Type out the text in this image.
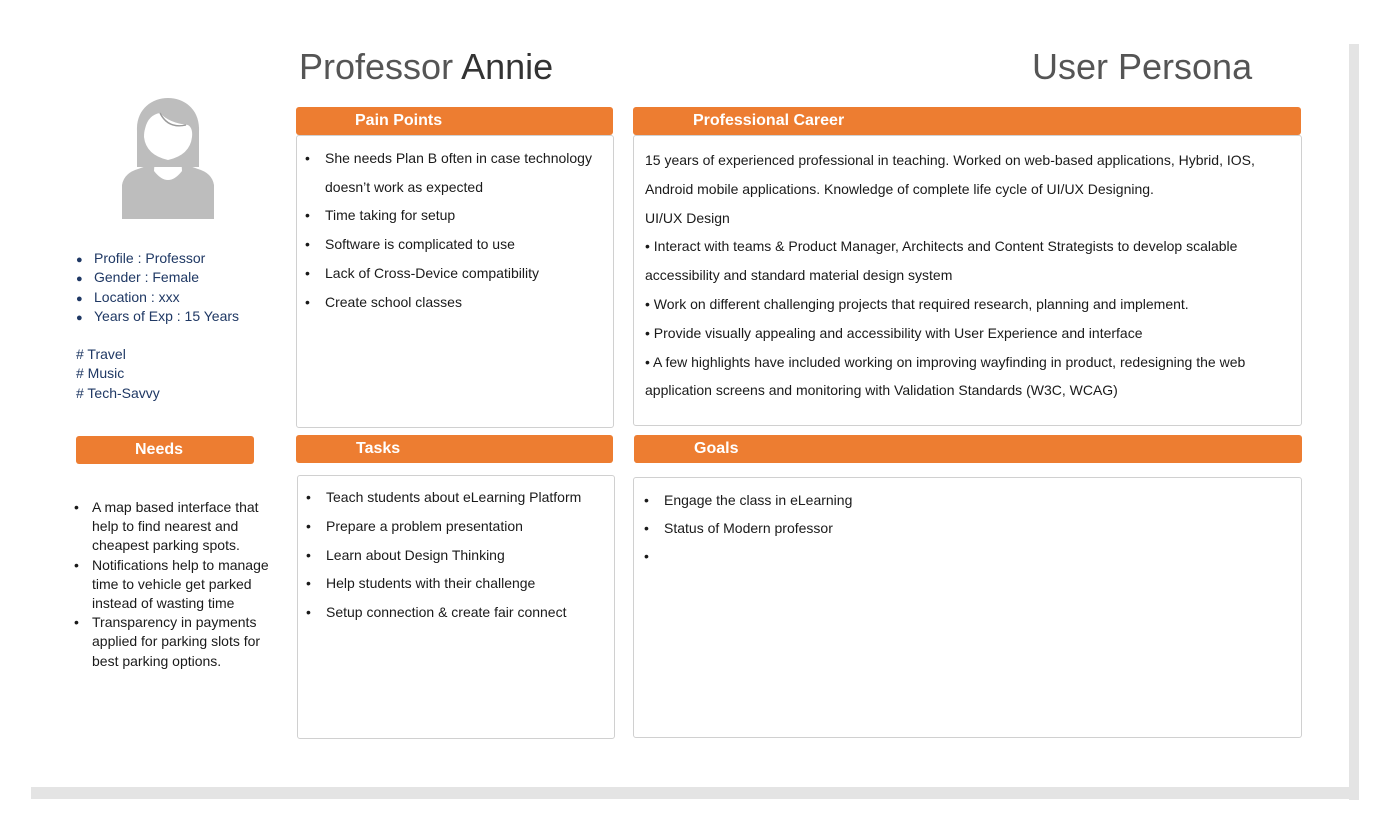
Professor Annie	User Persona
● Profile : Professor
● Gender : Female
● Location : xxx
● Years of Exp : 15 Years
# Travel
# Music
# Tech-Savvy
Pain Points
• She needs Plan B often in case technology doesn’t work as expected
• Time taking for setup
• Software is complicated to use
• Lack of Cross-Device compatibility
• Create school classes
Professional Career

15 years of experienced professional in teaching. Worked on web-based applications, Hybrid, IOS, Android mobile applications. Knowledge of complete life cycle of UI/UX Designing.

UI/UX Design

• Interact with teams & Product Manager, Architects and Content Strategists to develop scalable accessibility and standard material design system

• Work on different challenging projects that required research, planning and implement.

• Provide visually appealing and accessibility with User Experience and interface

• A few highlights have included working on improving wayfinding in product, redesigning the web application screens and monitoring with Validation Standards (W3C, WCAG)

Needs
• A map based interface that help to find nearest and cheapest parking spots.
• Notifications help to manage time to vehicle get parked instead of wasting time
• Transparency in payments applied for parking slots for best parking options.
Tasks
• Teach students about eLearning Platform
• Prepare a problem presentation
• Learn about Design Thinking
• Help students with their challenge
• Setup connection & create fair connect
Goals
• Engage the class in eLearning
• Status of Modern professor
